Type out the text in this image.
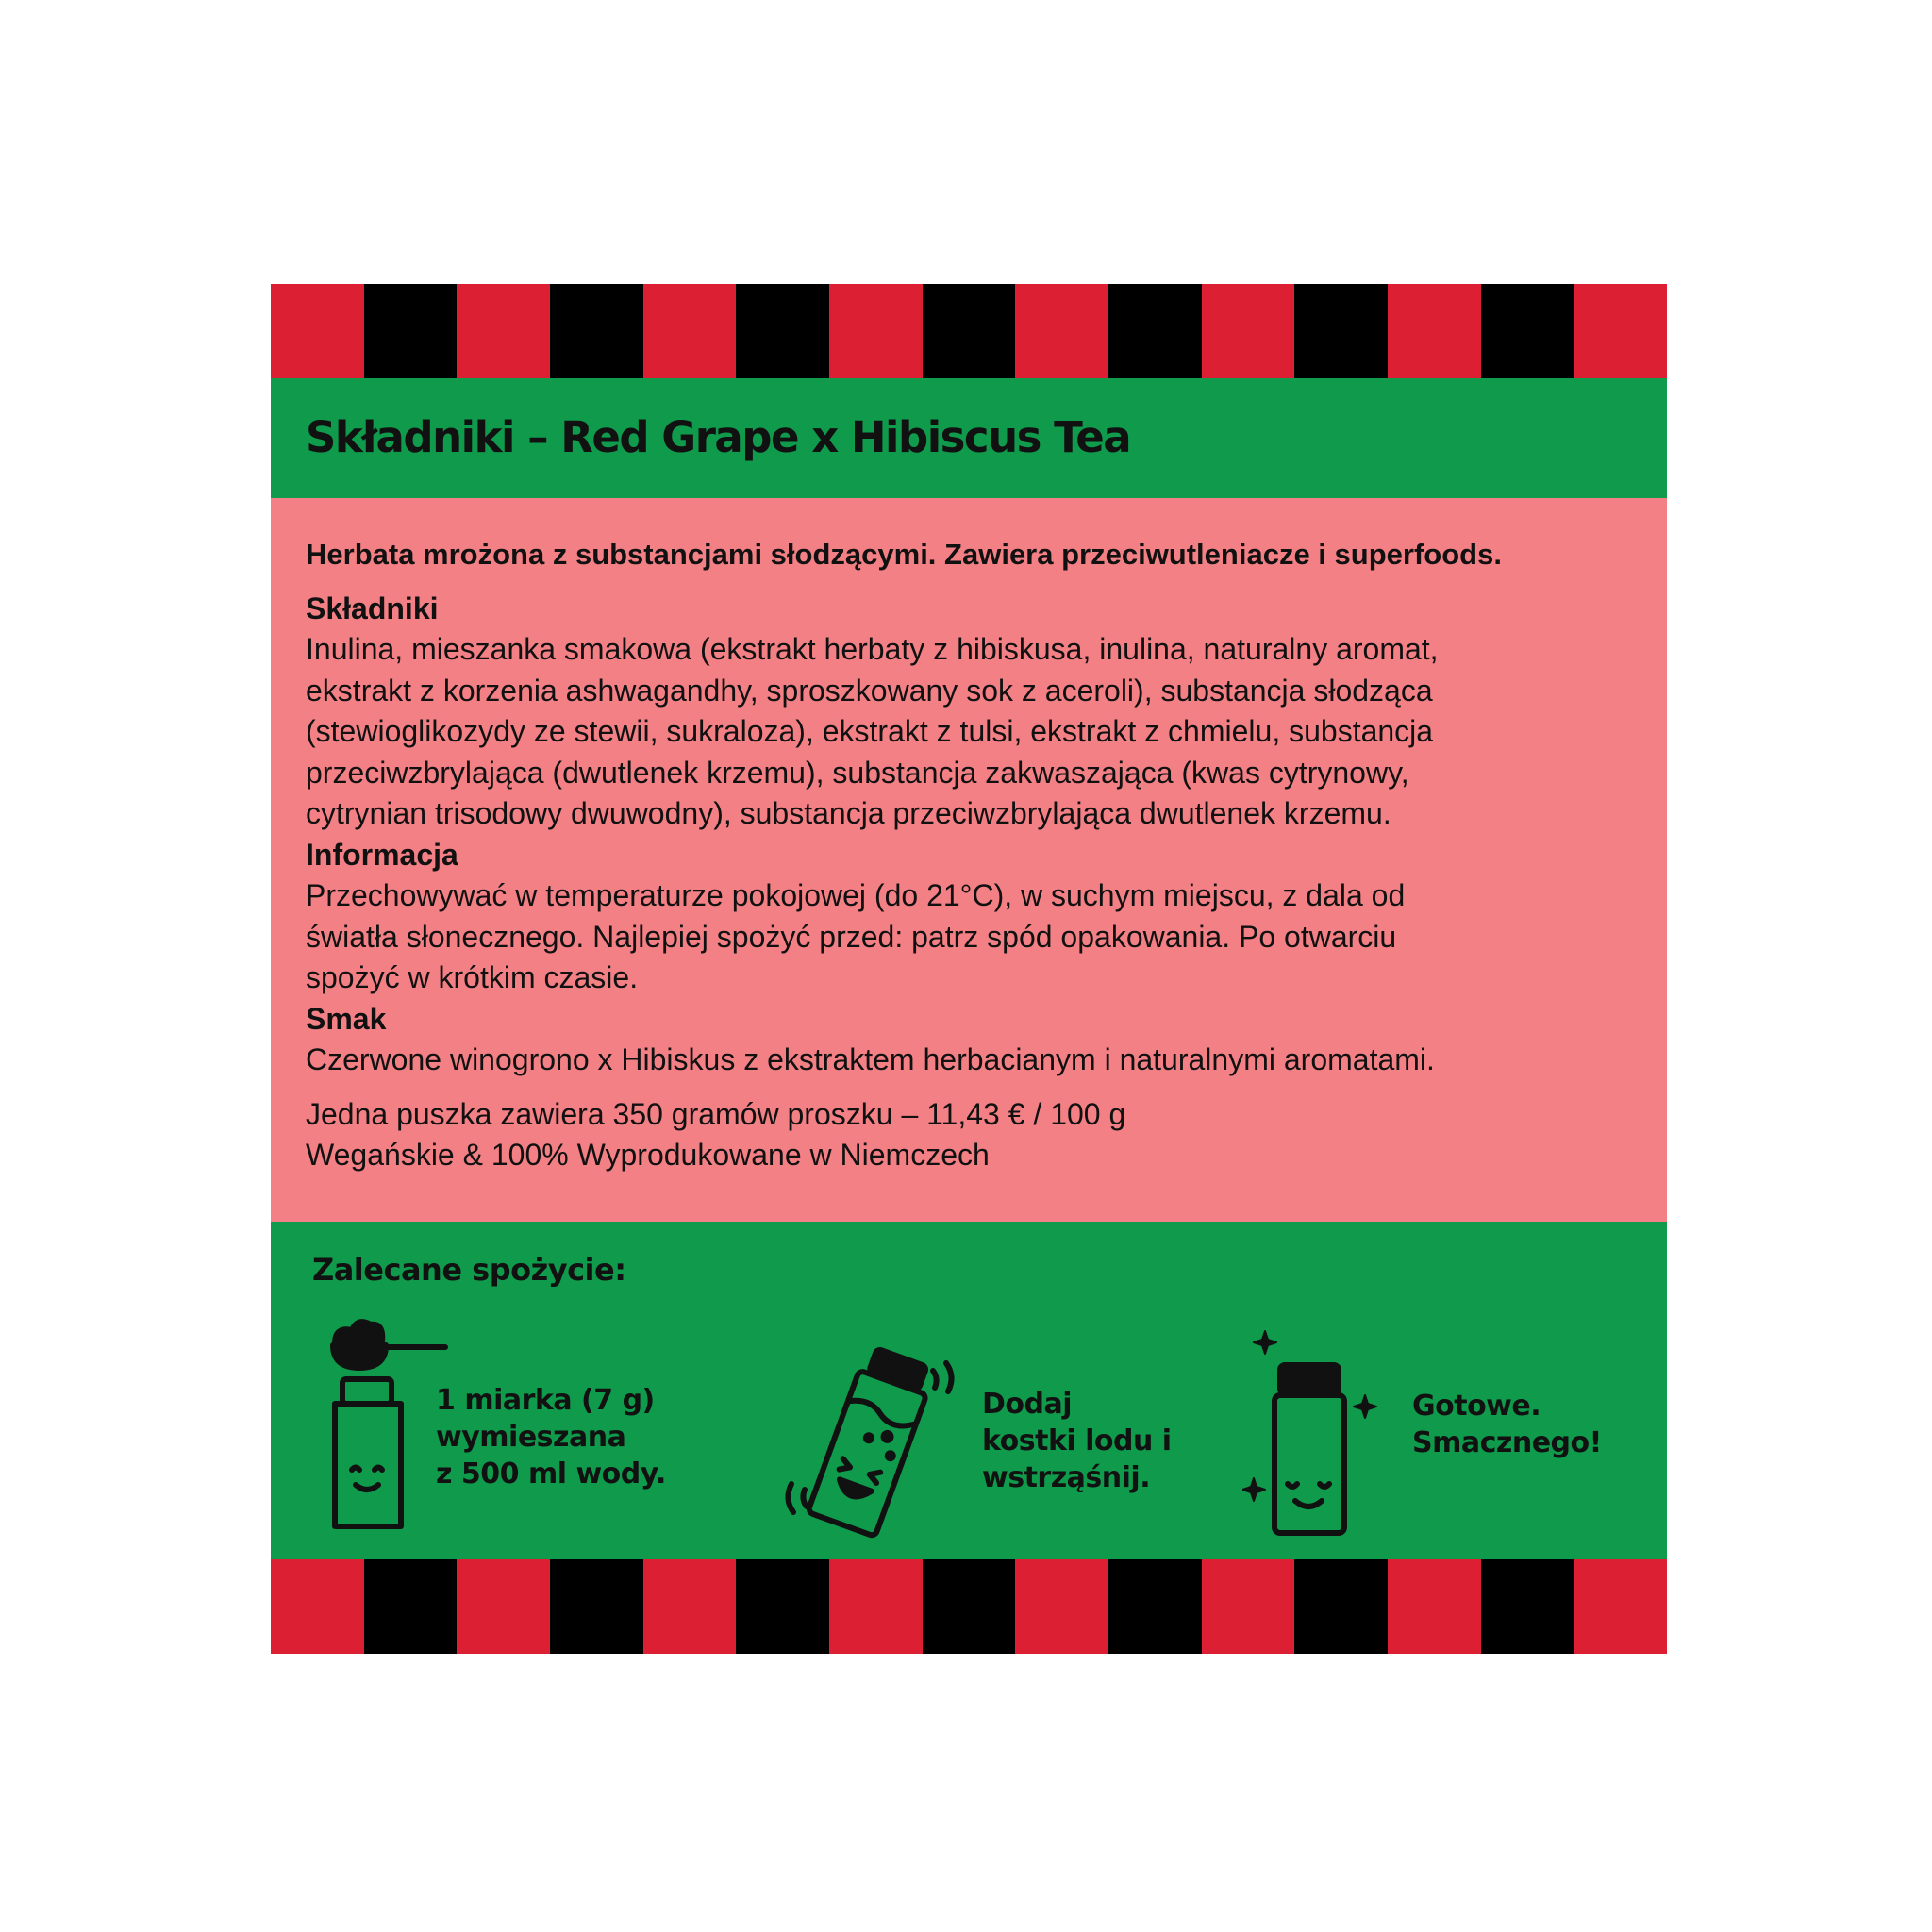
Składniki – Red Grape x Hibiscus Tea

Herbata mrożona z substancjami słodzącymi. Zawiera przeciwutleniacze i superfoods.

Składniki

Inulina, mieszanka smakowa (ekstrakt herbaty z hibiskusa, inulina, naturalny aromat,

ekstrakt z korzenia ashwagandhy, sproszkowany sok z aceroli), substancja słodząca

(stewioglikozydy ze stewii, sukraloza), ekstrakt z tulsi, ekstrakt z chmielu, substancja

przeciwzbrylająca (dwutlenek krzemu), substancja zakwaszająca (kwas cytrynowy,

cytrynian trisodowy dwuwodny), substancja przeciwzbrylająca dwutlenek krzemu.

Informacja

Przechowywać w temperaturze pokojowej (do 21°C), w suchym miejscu, z dala od

światła słonecznego. Najlepiej spożyć przed: patrz spód opakowania. Po otwarciu

spożyć w krótkim czasie.

Smak

Czerwone winogrono x Hibiskus z ekstraktem herbacianym i naturalnymi aromatami.

Jedna puszka zawiera 350 gramów proszku – 11,43 € / 100 g

Wegańskie & 100% Wyprodukowane w Niemczech

Zalecane spożycie:

1 miarka (7 g)
wymieszana
z 500 ml wody.

Dodaj
kostki lodu i
wstrząśnij.

Gotowe.
Smacznego!
